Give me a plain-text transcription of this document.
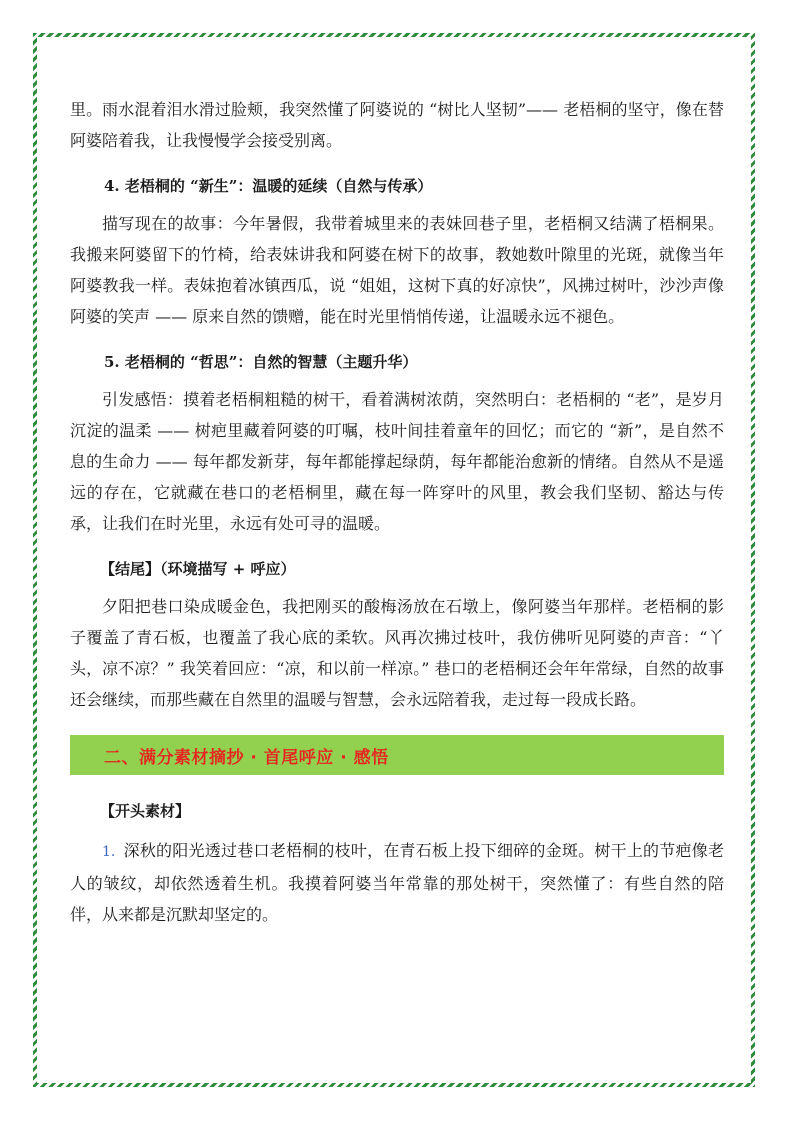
里。雨水混着泪水滑过脸颊，我突然懂了阿婆说的 “树比人坚韧”—— 老梧桐的坚守，像在替阿婆陪着我，让我慢慢学会接受别离。

4. 老梧桐的 “新生”：温暖的延续（自然与传承）

描写现在的故事：今年暑假，我带着城里来的表妹回巷子里，老梧桐又结满了梧桐果。我搬来阿婆留下的竹椅，给表妹讲我和阿婆在树下的故事，教她数叶隙里的光斑，就像当年阿婆教我一样。表妹抱着冰镇西瓜，说 “姐姐，这树下真的好凉快”，风拂过树叶，沙沙声像阿婆的笑声 —— 原来自然的馈赠，能在时光里悄悄传递，让温暖永远不褪色。

5. 老梧桐的 “哲思”：自然的智慧（主题升华）

引发感悟：摸着老梧桐粗糙的树干，看着满树浓荫，突然明白：老梧桐的 “老”，是岁月沉淀的温柔 —— 树疤里藏着阿婆的叮嘱，枝叶间挂着童年的回忆；而它的 “新”，是自然不息的生命力 —— 每年都发新芽，每年都能撑起绿荫，每年都能治愈新的情绪。自然从不是遥远的存在，它就藏在巷口的老梧桐里，藏在每一阵穿叶的风里，教会我们坚韧、豁达与传承，让我们在时光里，永远有处可寻的温暖。

【结尾】（环境描写 + 呼应）

夕阳把巷口染成暖金色，我把刚买的酸梅汤放在石墩上，像阿婆当年那样。老梧桐的影子覆盖了青石板，也覆盖了我心底的柔软。风再次拂过枝叶，我仿佛听见阿婆的声音：“丫头，凉不凉？” 我笑着回应：“凉，和以前一样凉。” 巷口的老梧桐还会年年常绿，自然的故事还会继续，而那些藏在自然里的温暖与智慧，会永远陪着我，走过每一段成长路。

二、满分素材摘抄 · 首尾呼应 · 感悟

【开头素材】

1. 深秋的阳光透过巷口老梧桐的枝叶，在青石板上投下细碎的金斑。树干上的节疤像老人的皱纹，却依然透着生机。我摸着阿婆当年常靠的那处树干，突然懂了：有些自然的陪伴，从来都是沉默却坚定的。
